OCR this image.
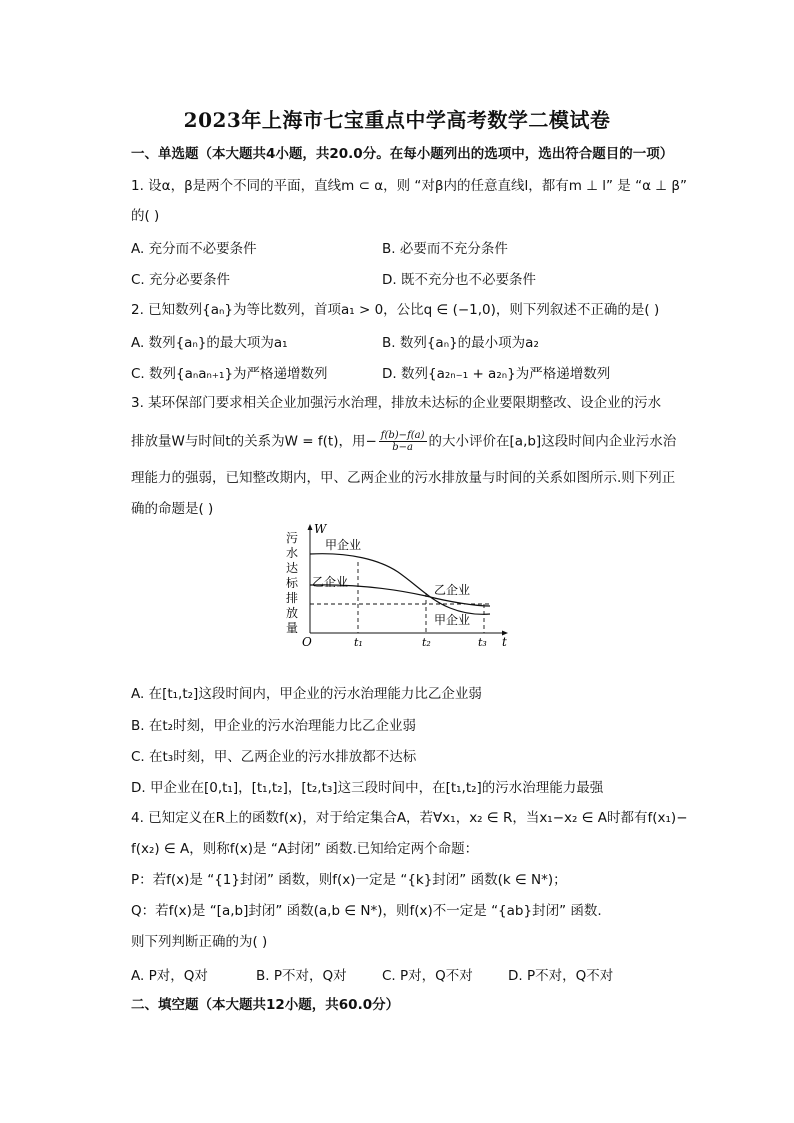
2023年上海市七宝重点中学高考数学二模试卷
一、单选题（本大题共4小题，共20.0分。在每小题列出的选项中，选出符合题目的一项）
1. 设α，β是两个不同的平面，直线m ⊂ α，则 “对β内的任意直线l，都有m ⊥ l” 是 “α ⊥ β”
的( )
A. 充分而不必要条件	B. 必要而不充分条件
C. 充分必要条件	D. 既不充分也不必要条件
2. 已知数列{aₙ}为等比数列，首项a₁ > 0，公比q ∈ (−1,0)，则下列叙述不正确的是( )
A. 数列{aₙ}的最大项为a₁	B. 数列{aₙ}的最小项为a₂
C. 数列{aₙaₙ₊₁}为严格递增数列	D. 数列{a₂ₙ₋₁ + a₂ₙ}为严格递增数列
3. 某环保部门要求相关企业加强污水治理，排放未达标的企业要限期整改、设企业的污水
排放量W与时间t的关系为W = f(t)，用− $\frac{f(b)-f(a)}{b-a}$ 的大小评价在[a,b]这段时间内企业污水治
理能力的强弱，已知整改期内，甲、乙两企业的污水排放量与时间的关系如图所示.则下列正
确的命题是( )
污
水
达
标
排
放
量
W
t
O	t₁	t₂	t₃
甲企业
乙企业
乙企业
甲企业
A. 在[t₁,t₂]这段时间内，甲企业的污水治理能力比乙企业弱
B. 在t₂时刻，甲企业的污水治理能力比乙企业弱
C. 在t₃时刻，甲、乙两企业的污水排放都不达标
D. 甲企业在[0,t₁]，[t₁,t₂]，[t₂,t₃]这三段时间中，在[t₁,t₂]的污水治理能力最强
4. 已知定义在R上的函数f(x)，对于给定集合A，若∀x₁，x₂ ∈ R，当x₁−x₂ ∈ A时都有f(x₁)−
f(x₂) ∈ A，则称f(x)是 “A封闭” 函数.已知给定两个命题：
P：若f(x)是 “{1}封闭” 函数，则f(x)一定是 “{k}封闭” 函数(k ∈ N*)；
Q：若f(x)是 “[a,b]封闭” 函数(a,b ∈ N*)，则f(x)不一定是 “{ab}封闭” 函数.
则下列判断正确的为( )
A. P对，Q对	B. P不对，Q对	C. P对，Q不对	D. P不对，Q不对
二、填空题（本大题共12小题，共60.0分）
